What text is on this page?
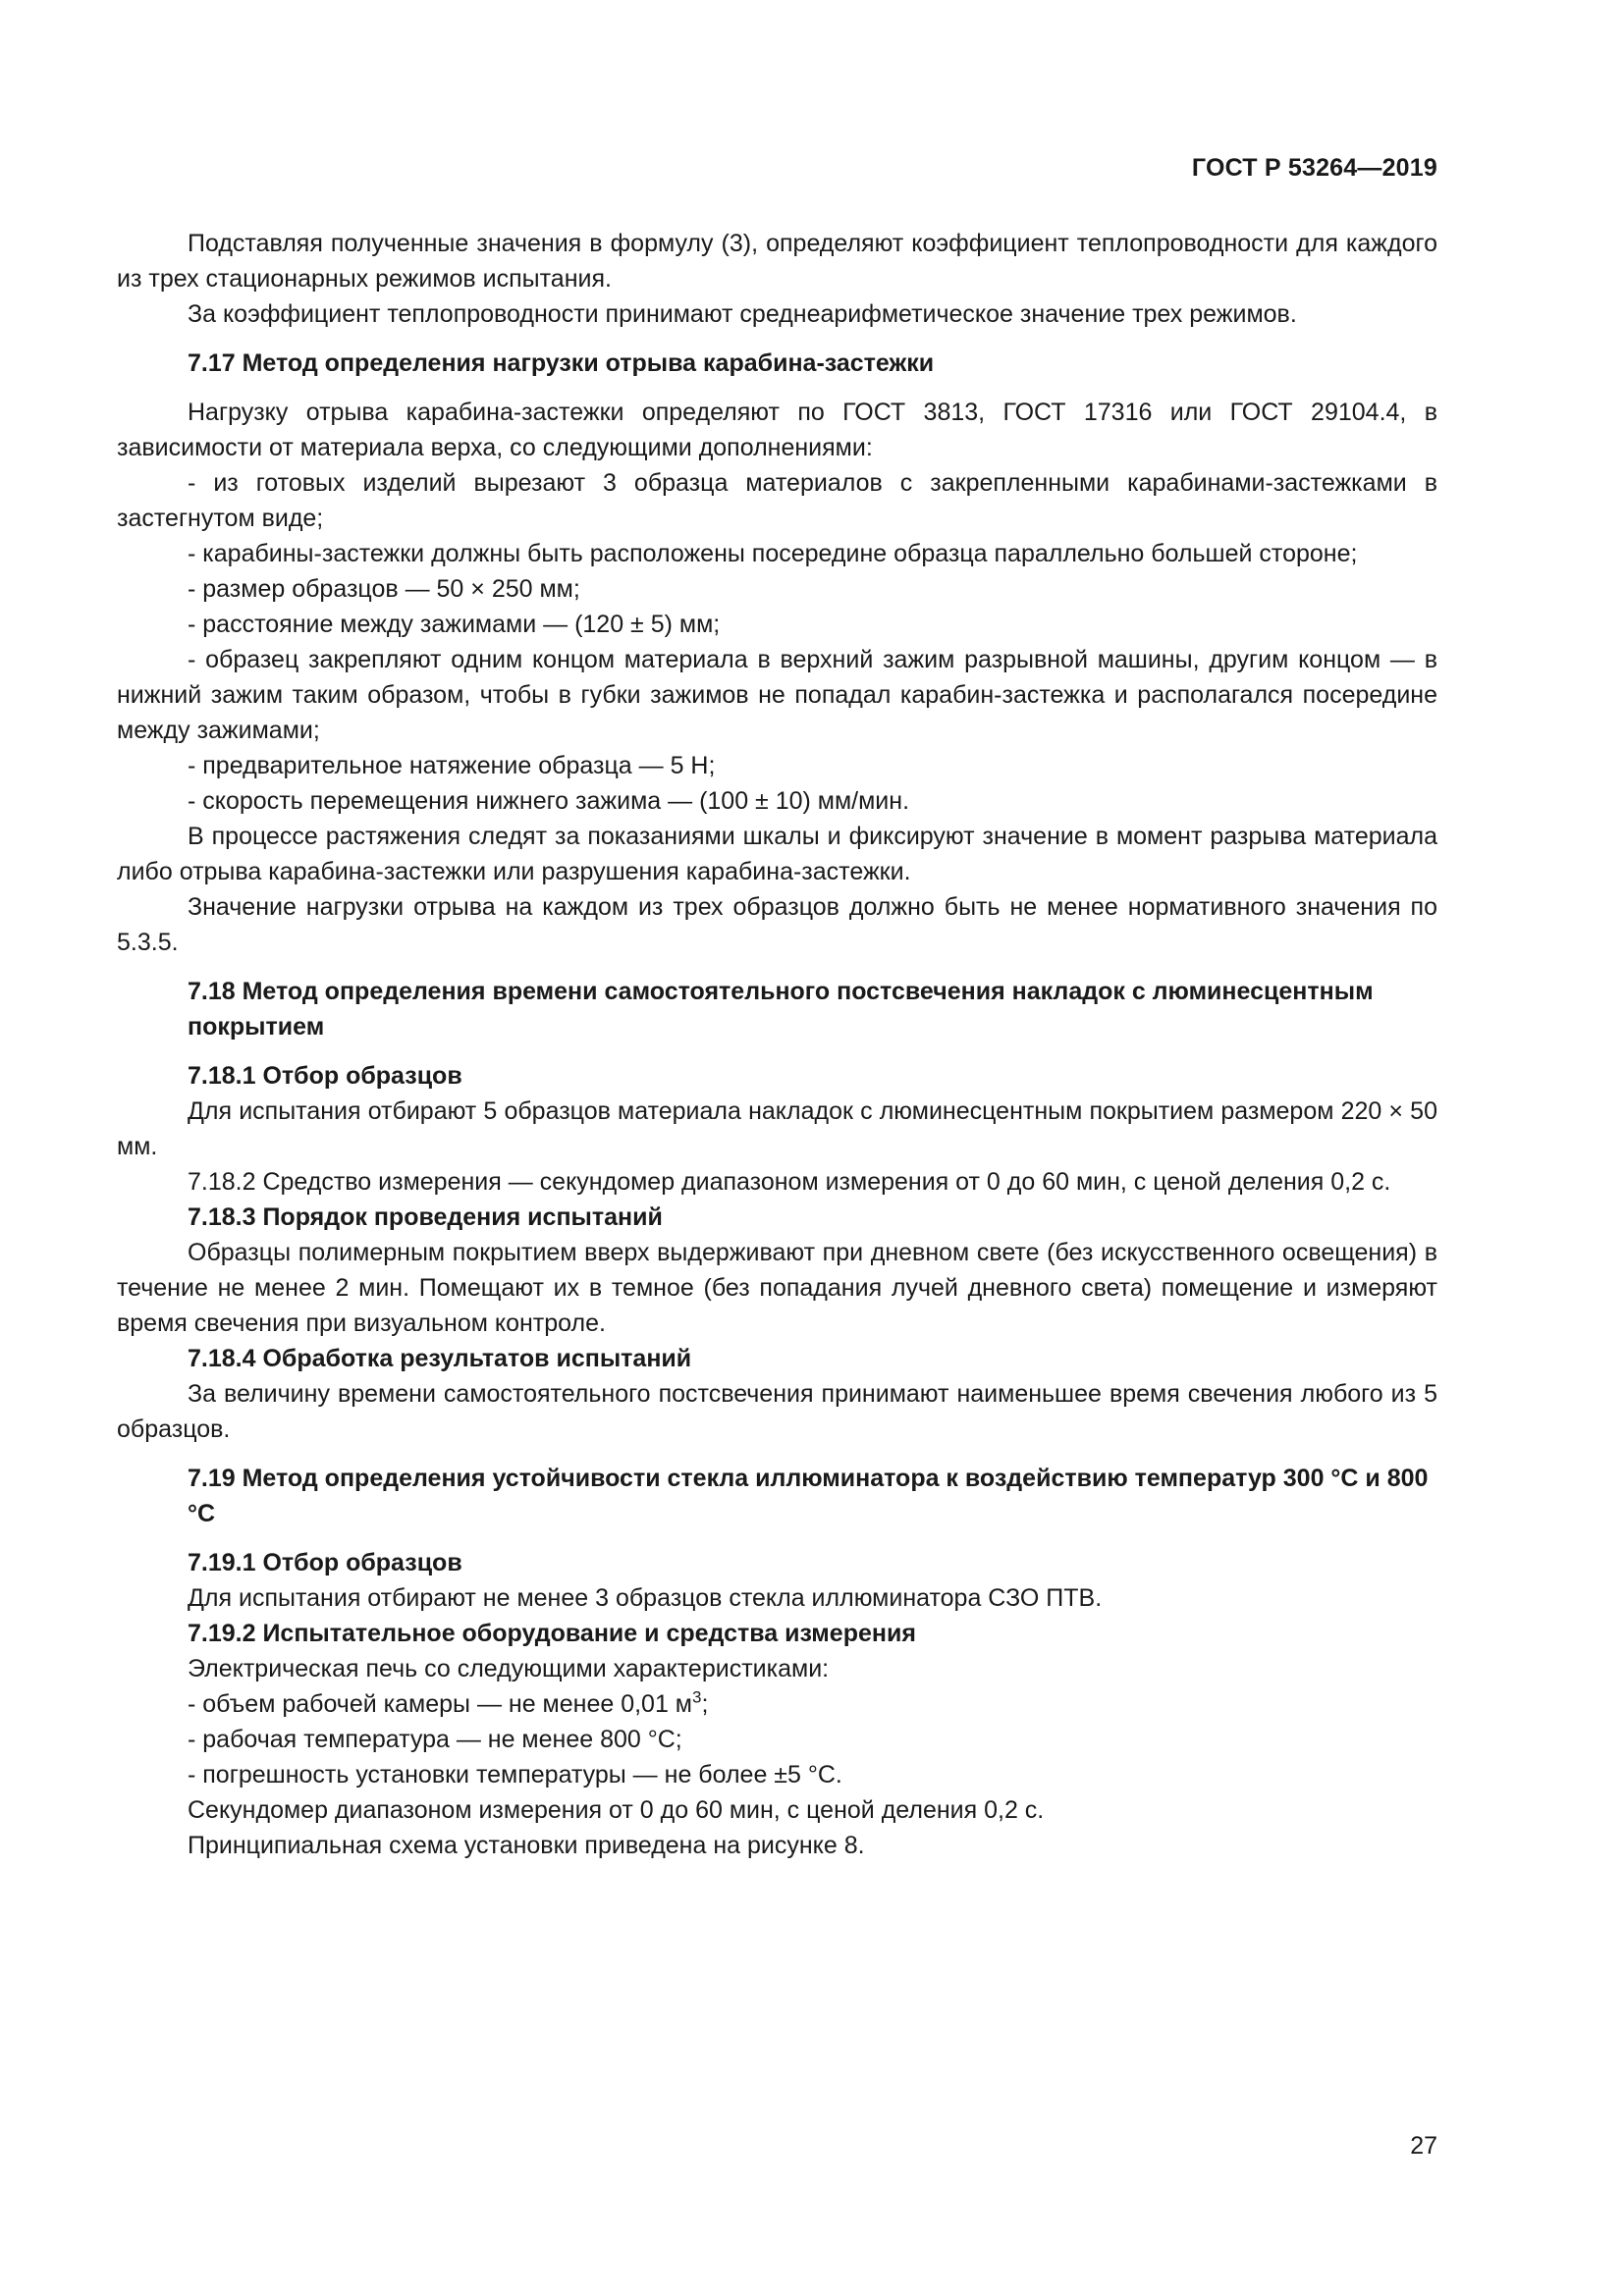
ГОСТ Р 53264—2019

Подставляя полученные значения в формулу (3), определяют коэффициент теплопроводности для каждого из трех стационарных режимов испытания.

За коэффициент теплопроводности принимают среднеарифметическое значение трех режимов.

7.17 Метод определения нагрузки отрыва карабина-застежки

Нагрузку отрыва карабина-застежки определяют по ГОСТ 3813, ГОСТ 17316 или ГОСТ 29104.4, в зависимости от материала верха, со следующими дополнениями:

- из готовых изделий вырезают 3 образца материалов с закрепленными карабинами-застежками в застегнутом виде;

- карабины-застежки должны быть расположены посередине образца параллельно большей стороне;

- размер образцов — 50 × 250 мм;

- расстояние между зажимами — (120 ± 5) мм;

- образец закрепляют одним концом материала в верхний зажим разрывной машины, другим концом — в нижний зажим таким образом, чтобы в губки зажимов не попадал карабин-застежка и располагался посередине между зажимами;

- предварительное натяжение образца — 5 Н;

- скорость перемещения нижнего зажима — (100 ± 10) мм/мин.

В процессе растяжения следят за показаниями шкалы и фиксируют значение в момент разрыва материала либо отрыва карабина-застежки или разрушения карабина-застежки.

Значение нагрузки отрыва на каждом из трех образцов должно быть не менее нормативного значения по 5.3.5.

7.18 Метод определения времени самостоятельного постсвечения накладок с люминесцентным покрытием
7.18.1 Отбор образцов

Для испытания отбирают 5 образцов материала накладок с люминесцентным покрытием размером 220 × 50 мм.

7.18.2 Средство измерения — секундомер диапазоном измерения от 0 до 60 мин, с ценой деления 0,2 с.

7.18.3 Порядок проведения испытаний

Образцы полимерным покрытием вверх выдерживают при дневном свете (без искусственного освещения) в течение не менее 2 мин. Помещают их в темное (без попадания лучей дневного света) помещение и измеряют время свечения при визуальном контроле.

7.18.4 Обработка результатов испытаний

За величину времени самостоятельного постсвечения принимают наименьшее время свечения любого из 5 образцов.

7.19 Метод определения устойчивости стекла иллюминатора к воздействию температур 300 °С и 800 °С
7.19.1 Отбор образцов

Для испытания отбирают не менее 3 образцов стекла иллюминатора СЗО ПТВ.

7.19.2 Испытательное оборудование и средства измерения

Электрическая печь со следующими характеристиками:

- объем рабочей камеры — не менее 0,01 $м^3$;

- рабочая температура — не менее 800 °С;

- погрешность установки температуры — не более ±5 °С.

Секундомер диапазоном измерения от 0 до 60 мин, с ценой деления 0,2 с.

Принципиальная схема установки приведена на рисунке 8.

27
